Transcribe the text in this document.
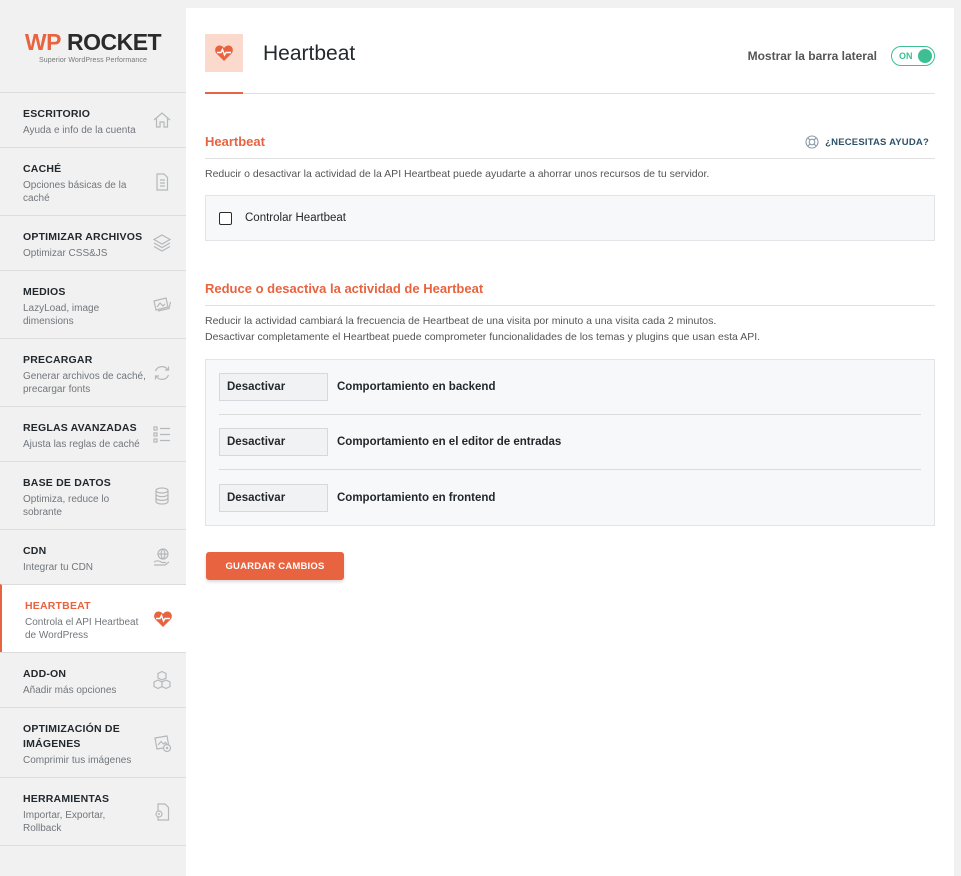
WP ROCKET
Superior WordPress Performance
ESCRITORIO
Ayuda e info de la cuenta
CACHÉ
Opciones básicas de la caché
OPTIMIZAR ARCHIVOS
Optimizar CSS&JS
MEDIOS
LazyLoad, image dimensions
PRECARGAR
Generar archivos de caché, precargar fonts
REGLAS AVANZADAS
Ajusta las reglas de caché
BASE DE DATOS
Optimiza, reduce lo sobrante
CDN
Integrar tu CDN
HEARTBEAT
Controla el API Heartbeat de WordPress
ADD-ON
Añadir más opciones
OPTIMIZACIÓN DE IMÁGENES
Comprimir tus imágenes
HERRAMIENTAS
Importar, Exportar, Rollback
Heartbeat	Mostrar la barra lateral ON
Heartbeat	¿NECESITAS AYUDA?
Reducir o desactivar la actividad de la API Heartbeat puede ayudarte a ahorrar unos recursos de tu servidor.
Controlar Heartbeat
Reduce o desactiva la actividad de Heartbeat
Reducir la actividad cambiará la frecuencia de Heartbeat de una visita por minuto a una visita cada 2 minutos.
Desactivar completamente el Heartbeat puede comprometer funcionalidades de los temas y plugins que usan esta API.
Desactivar	Comportamiento en backend
Desactivar	Comportamiento en el editor de entradas
Desactivar	Comportamiento en frontend
GUARDAR CAMBIOS
